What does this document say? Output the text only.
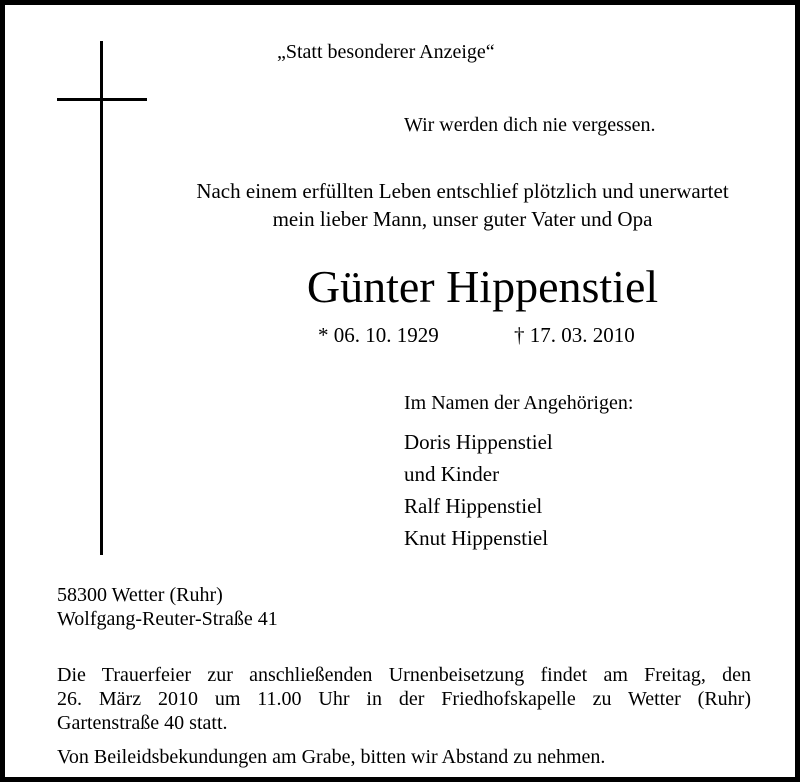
„Statt besonderer Anzeige“
Wir werden dich nie vergessen.
Nach einem erfüllten Leben entschlief plötzlich und unerwartet
mein lieber Mann, unser guter Vater und Opa
Günter Hippenstiel
* 06. 10. 1929	† 17. 03. 2010
Im Namen der Angehörigen:
Doris Hippenstiel
und Kinder
Ralf Hippenstiel
Knut Hippenstiel
58300 Wetter (Ruhr)
Wolfgang-Reuter-Straße 41
Die Trauerfeier zur anschließenden Urnenbeisetzung findet am Freitag, den
26. März 2010 um 11.00 Uhr in der Friedhofskapelle zu Wetter (Ruhr)
Gartenstraße 40 statt.
Von Beileidsbekundungen am Grabe, bitten wir Abstand zu nehmen.
